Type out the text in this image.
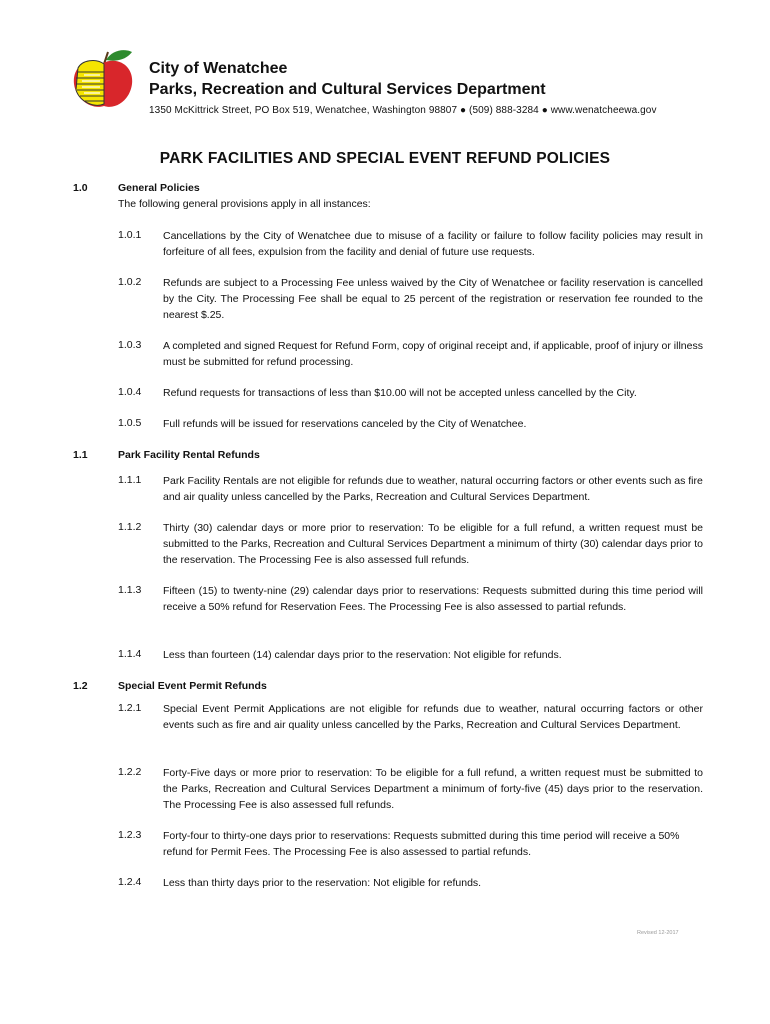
City of Wenatchee
Parks, Recreation and Cultural Services Department
1350 McKittrick Street, PO Box 519, Wenatchee, Washington 98807 ● (509) 888-3284 ● www.wenatcheewa.gov
PARK FACILITIES AND SPECIAL EVENT REFUND POLICIES
1.0	General Policies
The following general provisions apply in all instances:
1.0.1 Cancellations by the City of Wenatchee due to misuse of a facility or failure to follow facility policies may result in forfeiture of all fees, expulsion from the facility and denial of future use requests.
1.0.2 Refunds are subject to a Processing Fee unless waived by the City of Wenatchee or facility reservation is cancelled by the City. The Processing Fee shall be equal to 25 percent of the registration or reservation fee rounded to the nearest $.25.
1.0.3 A completed and signed Request for Refund Form, copy of original receipt and, if applicable, proof of injury or illness must be submitted for refund processing.
1.0.4 Refund requests for transactions of less than $10.00 will not be accepted unless cancelled by the City.
1.0.5 Full refunds will be issued for reservations canceled by the City of Wenatchee.
1.1	Park Facility Rental Refunds
1.1.1 Park Facility Rentals are not eligible for refunds due to weather, natural occurring factors or other events such as fire and air quality unless cancelled by the Parks, Recreation and Cultural Services Department.
1.1.2 Thirty (30) calendar days or more prior to reservation: To be eligible for a full refund, a written request must be submitted to the Parks, Recreation and Cultural Services Department a minimum of thirty (30) calendar days prior to the reservation. The Processing Fee is also assessed full refunds.
1.1.3 Fifteen (15) to twenty-nine (29) calendar days prior to reservations: Requests submitted during this time period will receive a 50% refund for Reservation Fees. The Processing Fee is also assessed to partial refunds.
1.1.4 Less than fourteen (14) calendar days prior to the reservation: Not eligible for refunds.
1.2	Special Event Permit Refunds
1.2.1 Special Event Permit Applications are not eligible for refunds due to weather, natural occurring factors or other events such as fire and air quality unless cancelled by the Parks, Recreation and Cultural Services Department.
1.2.2 Forty-Five days or more prior to reservation: To be eligible for a full refund, a written request must be submitted to the Parks, Recreation and Cultural Services Department a minimum of forty-five (45) days prior to the reservation. The Processing Fee is also assessed full refunds.
1.2.3 Forty-four to thirty-one days prior to reservations: Requests submitted during this time period will receive a 50% refund for Permit Fees. The Processing Fee is also assessed to partial refunds.
1.2.4 Less than thirty days prior to the reservation: Not eligible for refunds.
Revised 12-2017
